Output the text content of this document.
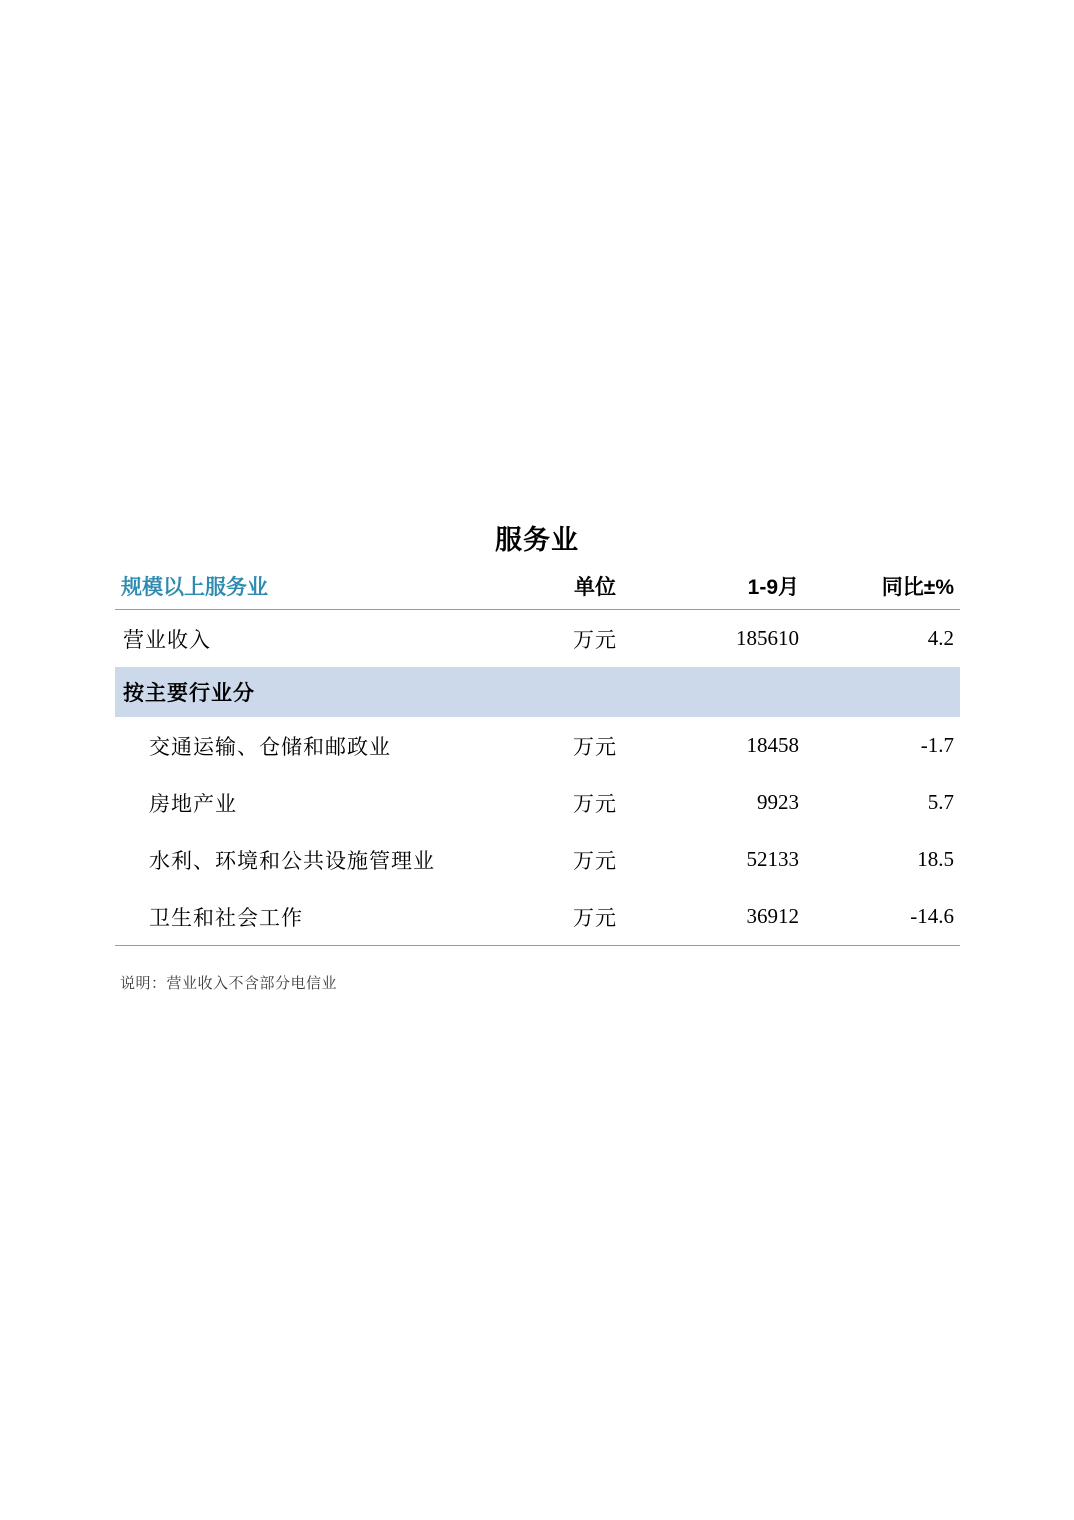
服务业
规模以上服务业	单位	1-9月	同比±%
营业收入	万元	185610	4.2
按主要行业分			
交通运输、仓储和邮政业	万元	18458	-1.7
房地产业	万元	9923	5.7
水利、环境和公共设施管理业	万元	52133	18.5
卫生和社会工作	万元	36912	-14.6
说明：营业收入不含部分电信业
